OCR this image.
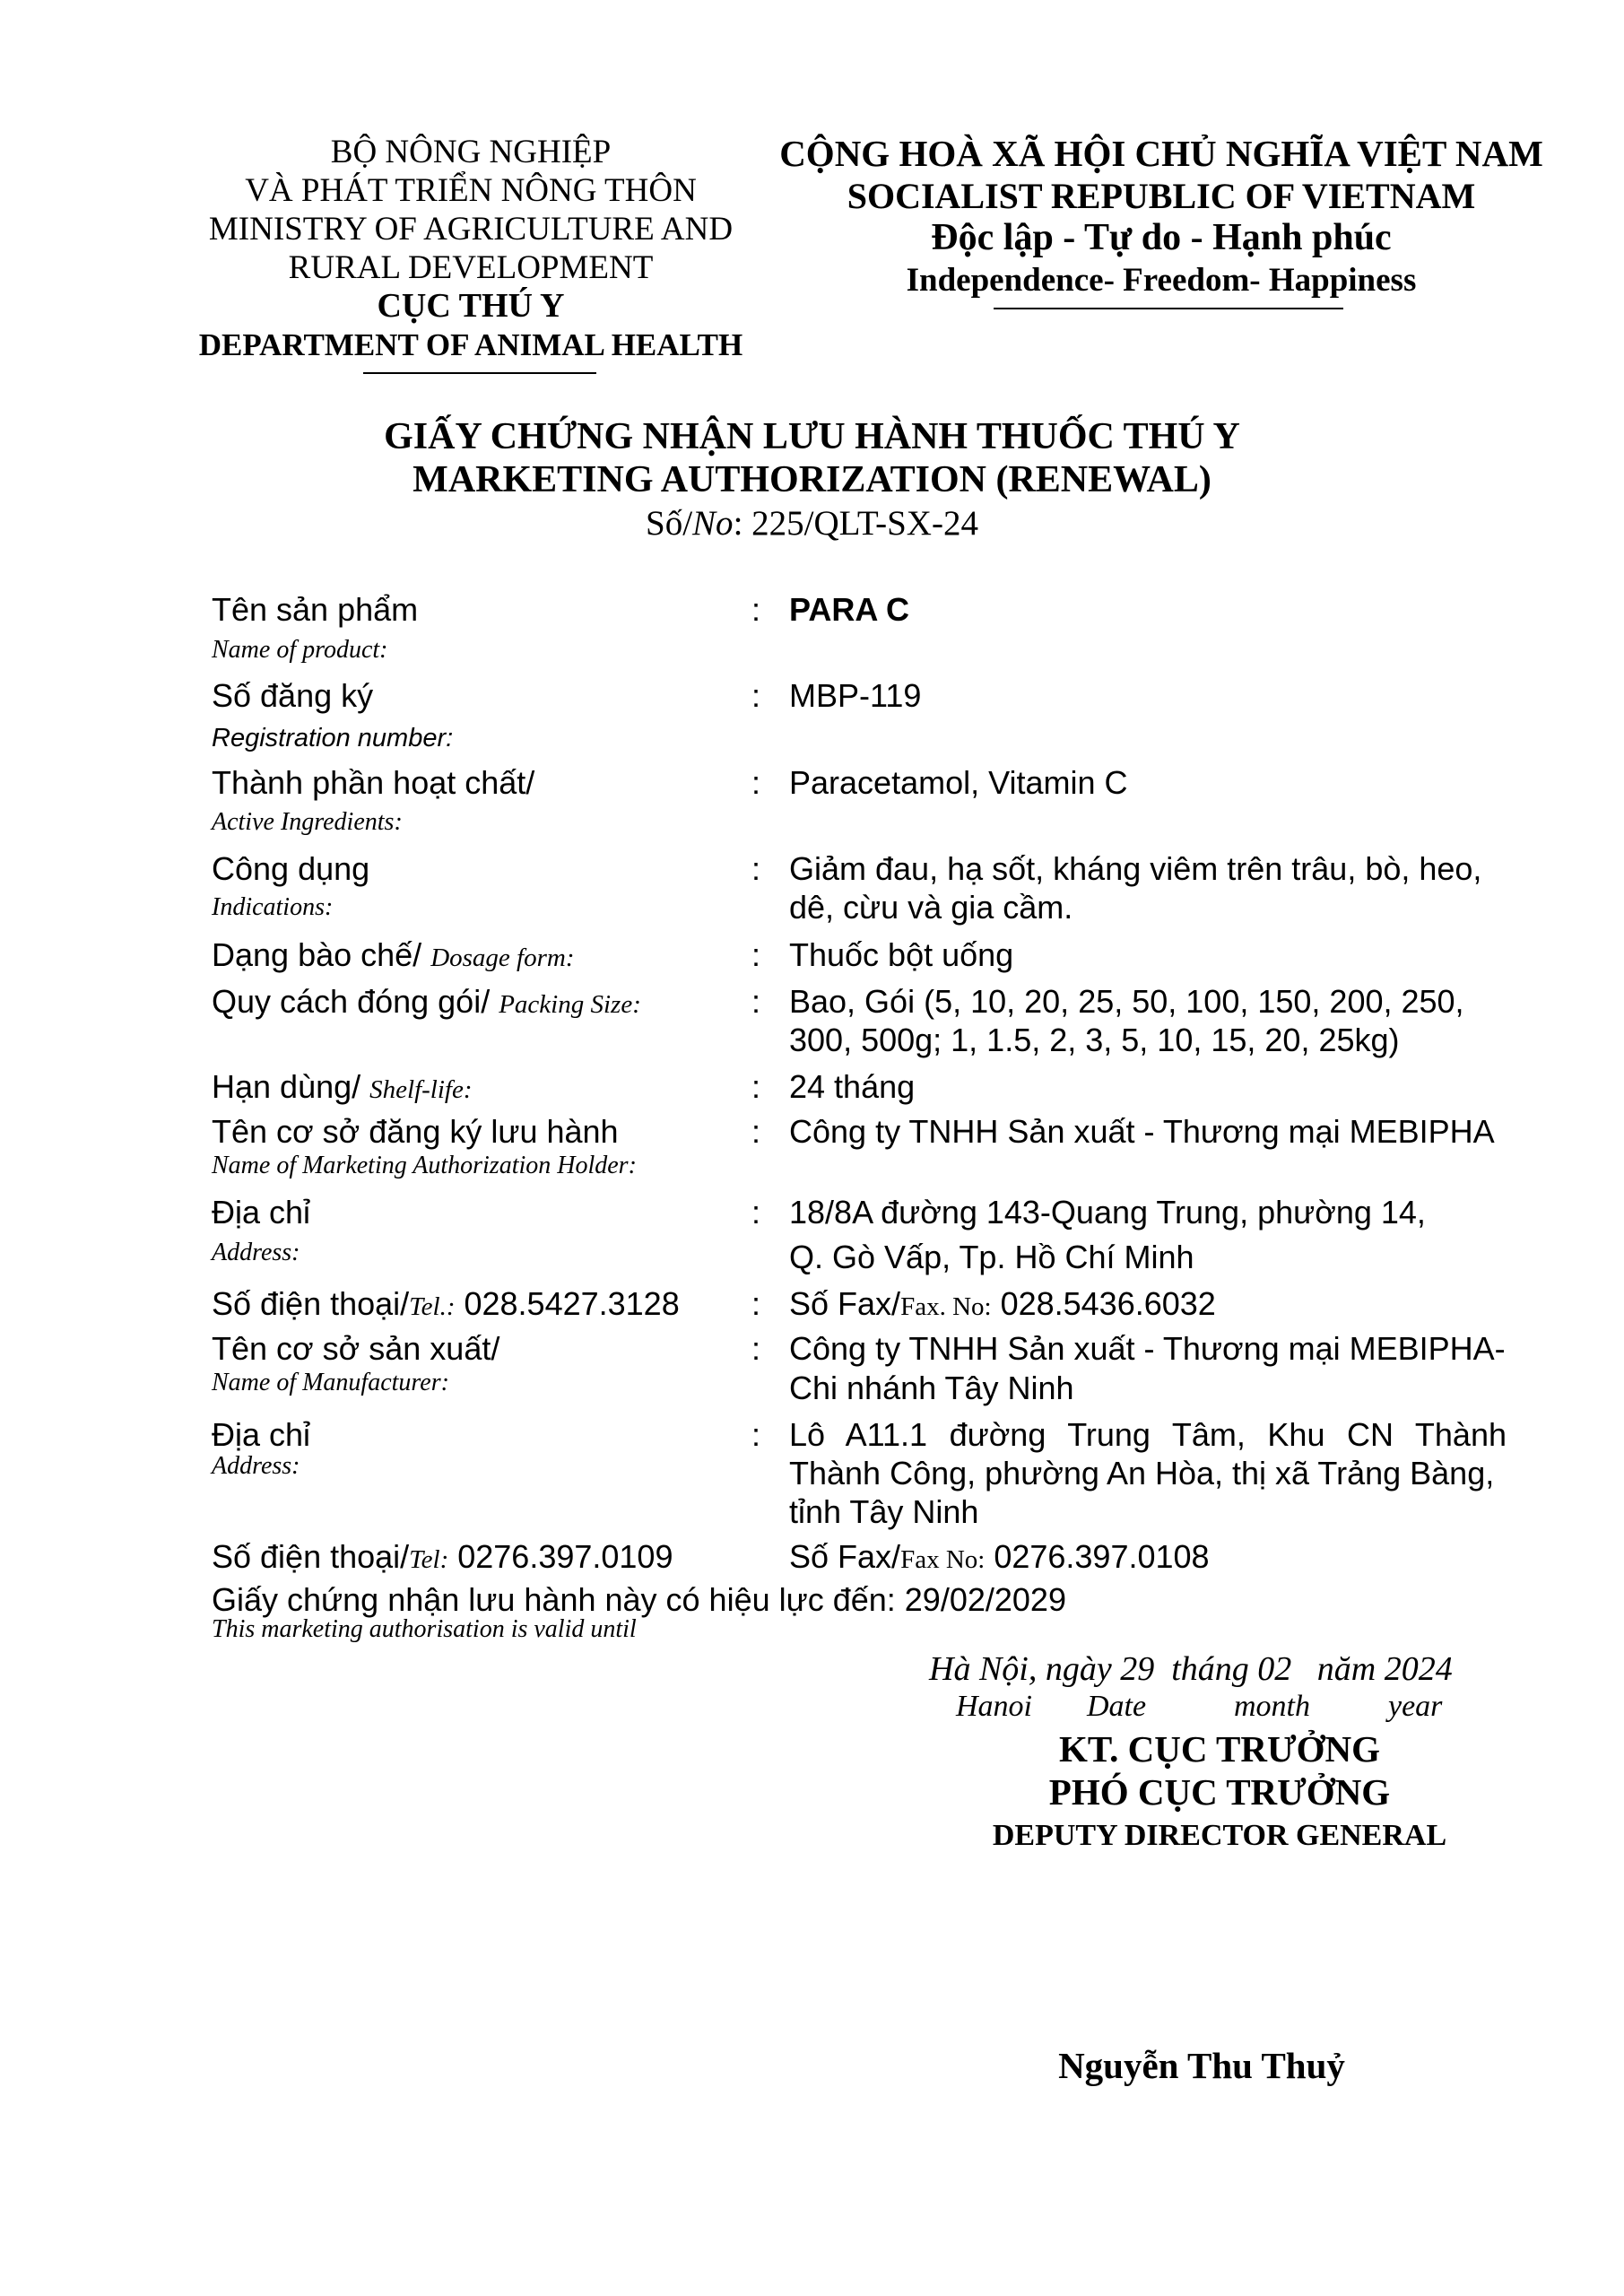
BỘ NÔNG NGHIỆP
VÀ PHÁT TRIỂN NÔNG THÔN
MINISTRY OF AGRICULTURE AND
RURAL DEVELOPMENT
CỤC THÚ Y
DEPARTMENT OF ANIMAL HEALTH
CỘNG HOÀ XÃ HỘI CHỦ NGHĨA VIỆT NAM
SOCIALIST REPUBLIC OF VIETNAM
Độc lập - Tự do - Hạnh phúc
Independence- Freedom- Happiness
GIẤY CHỨNG NHẬN LƯU HÀNH THUỐC THÚ Y
MARKETING AUTHORIZATION (RENEWAL)
Số/No: 225/QLT-SX-24
Tên sản phẩm
Name of product:
: PARA C
Số đăng ký
Registration number:
: MBP-119
Thành phần hoạt chất/
Active Ingredients:
: Paracetamol, Vitamin C
Công dụng
Indications:
: Giảm đau, hạ sốt, kháng viêm trên trâu, bò, heo,
dê, cừu và gia cầm.
Dạng bào chế/ Dosage form:	: Thuốc bột uống
Quy cách đóng gói/ Packing Size:	: Bao, Gói (5, 10, 20, 25, 50, 100, 150, 200, 250,
300, 500g; 1, 1.5, 2, 3, 5, 10, 15, 20, 25kg)
Hạn dùng/ Shelf-life:	: 24 tháng
Tên cơ sở đăng ký lưu hành
Name of Marketing Authorization Holder:
: Công ty TNHH Sản xuất - Thương mại MEBIPHA
Địa chỉ
Address:
: 18/8A đường 143-Quang Trung, phường 14,
Q. Gò Vấp, Tp. Hồ Chí Minh
Số điện thoại/Tel.: 028.5427.3128 : Số Fax/Fax. No: 028.5436.6032
Tên cơ sở sản xuất/
Name of Manufacturer:
: Công ty TNHH Sản xuất - Thương mại MEBIPHA-
Chi nhánh Tây Ninh
Địa chỉ
Address:
: Lô A11.1 đường Trung Tâm, Khu CN Thành
Thành Công, phường An Hòa, thị xã Trảng Bàng,
tỉnh Tây Ninh
Số điện thoại/Tel: 0276.397.0109	Số Fax/Fax No: 0276.397.0108
Giấy chứng nhận lưu hành này có hiệu lực đến: 29/02/2029
This marketing authorisation is valid until
Hà Nội, ngày 29  tháng 02   năm 2024
Hanoi Date	month	year
KT. CỤC TRƯỞNG
PHÓ CỤC TRƯỞNG
DEPUTY DIRECTOR GENERAL
Nguyễn Thu Thuỷ
